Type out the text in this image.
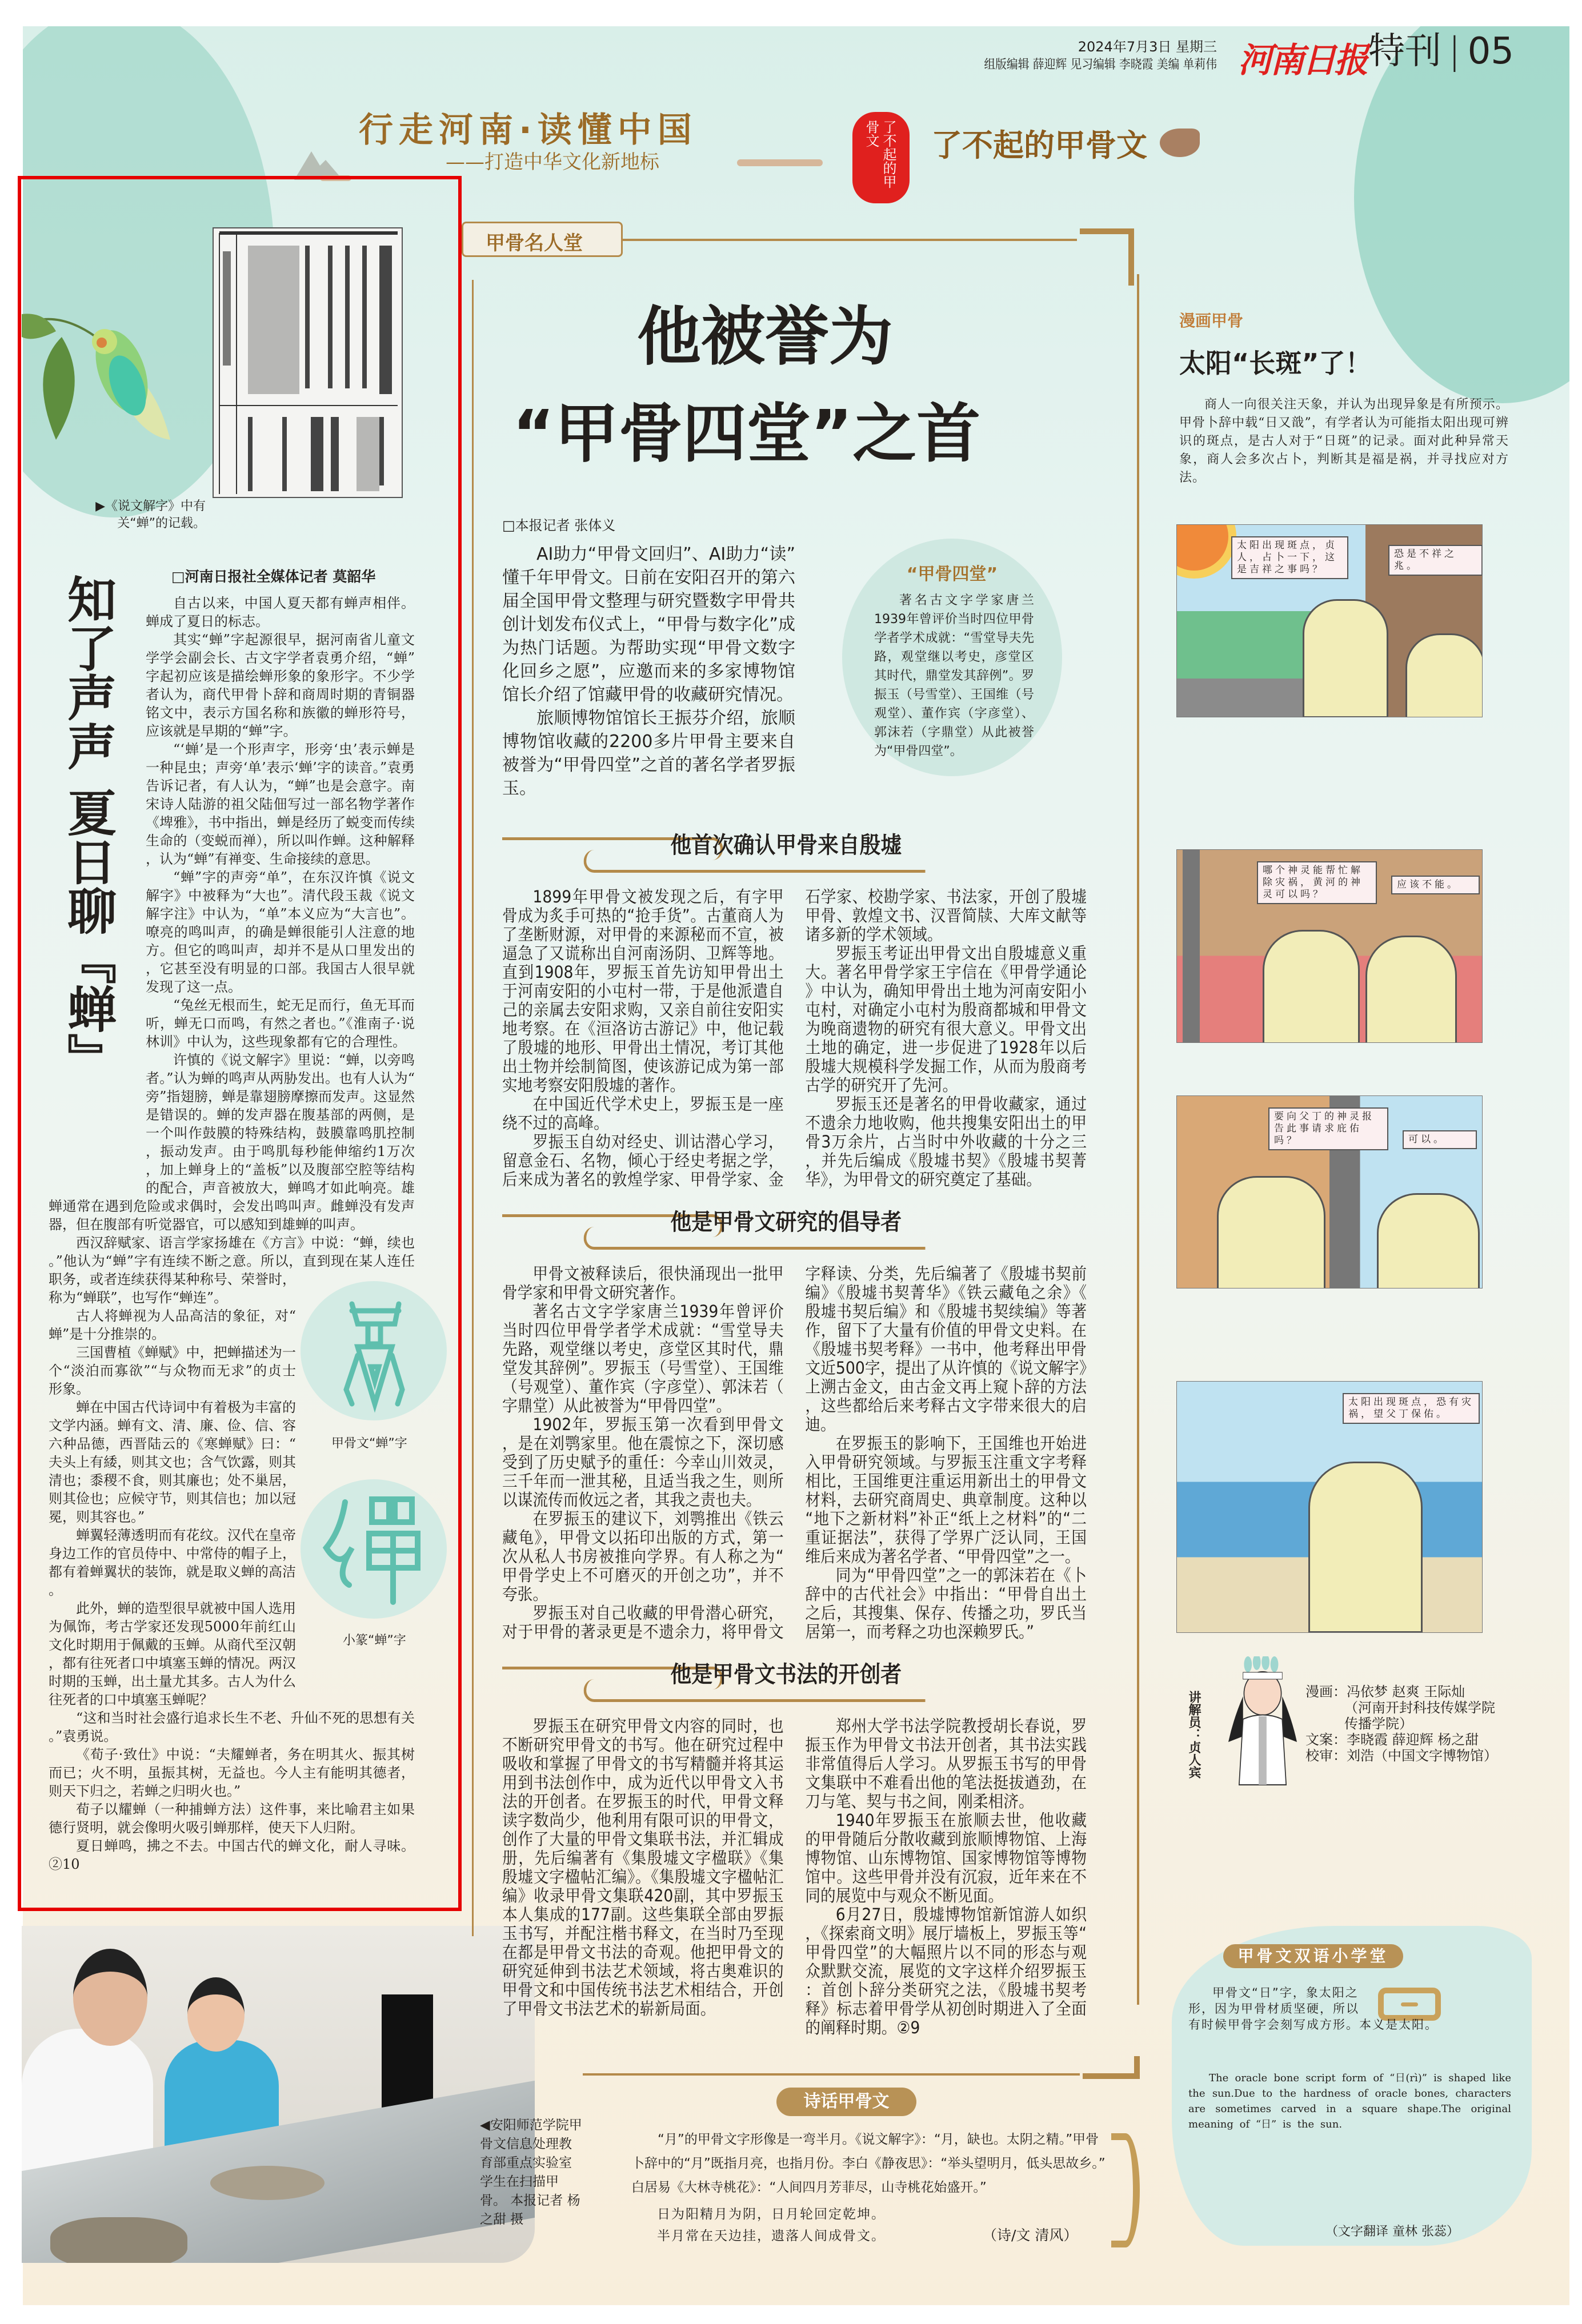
2024年7月3日 星期三
组版编辑 薛迎辉 见习编辑 李晓霞 美编 单莉伟 河南日报 特刊 | 05
行走河南·读懂中国
——打造中华文化新地标	了不起的甲骨文	了不起的甲骨文
▶《说文解字》中有关“蝉”的记载。
知了声声 夏日聊『蝉』	□河南日报社全媒体记者 莫韶华

自古以来，中国人夏天都有蝉声相伴。蝉成了夏日的标志。

其实“蝉”字起源很早，据河南省儿童文学学会副会长、古文字学者袁勇介绍，“蝉”字起初应该是描绘蝉形象的象形字。不少学者认为，商代甲骨卜辞和商周时期的青铜器铭文中，表示方国名称和族徽的蝉形符号，应该就是早期的“蝉”字。

“‘蝉’是一个形声字，形旁‘虫’表示蝉是一种昆虫；声旁‘单’表示‘蝉’字的读音。”袁勇告诉记者，有人认为，“蝉”也是会意字。南宋诗人陆游的祖父陆佃写过一部名物学著作《埤雅》，书中指出，蝉是经历了蜕变而传续生命的（变蜕而禅），所以叫作蝉。这种解释，认为“蝉”有禅变、生命接续的意思。

“蝉”字的声旁“单”，在东汉许慎《说文解字》中被释为“大也”。清代段玉裁《说文解字注》中认为，“单”本义应为“大言也”。嘹亮的鸣叫声，的确是蝉很能引人注意的地方。但它的鸣叫声，却并不是从口里发出的，它甚至没有明显的口部。我国古人很早就发现了这一点。

“兔丝无根而生，蛇无足而行，鱼无耳而听，蝉无口而鸣，有然之者也。”《淮南子·说林训》中认为，这些现象都有它的合理性。

许慎的《说文解字》里说：“蝉，以旁鸣者。”认为蝉的鸣声从两胁发出。也有人认为“旁”指翅膀，蝉是靠翅膀摩擦而发声。这显然是错误的。蝉的发声器在腹基部的两侧，是一个叫作鼓膜的特殊结构，鼓膜靠鸣肌控制，振动发声。由于鸣肌每秒能伸缩约1万次，加上蝉身上的“盖板”以及腹部空腔等结构的配合，声音被放大，蝉鸣才如此响亮。雄蝉通常在遇到危险或求偶时，会发出鸣叫声。雌蝉没有发声器，但在腹部有听觉器官，可以感知到雄蝉的叫声。

西汉辞赋家、语言学家扬雄在《方言》中说：“蝉，续也。”他认为“蝉”字有连续不断之意。所以，直到现在某人连任职务，或者连续获得某种称号、荣誉时，称为“蝉联”，也写作“蝉连”。

古人将蝉视为人品高洁的象征，对“蝉”是十分推崇的。

三国曹植《蝉赋》中，把蝉描述为一个“淡泊而寡欲”“与众物而无求”的贞士形象。

蝉在中国古代诗词中有着极为丰富的文学内涵。蝉有文、清、廉、俭、信、容六种品德，西晋陆云的《寒蝉赋》曰：“夫头上有緌，则其文也；含气饮露，则其清也；黍稷不食，则其廉也；处不巢居，则其俭也；应候守节，则其信也；加以冠冕，则其容也。”

蝉翼轻薄透明而有花纹。汉代在皇帝身边工作的官员侍中、中常侍的帽子上，都有着蝉翼状的装饰，就是取义蝉的高洁。

此外，蝉的造型很早就被中国人选用为佩饰，考古学家还发现5000年前红山文化时期用于佩戴的玉蝉。从商代至汉朝，都有往死者口中填塞玉蝉的情况。两汉时期的玉蝉，出土量尤其多。古人为什么往死者的口中填塞玉蝉呢？

“这和当时社会盛行追求长生不老、升仙不死的思想有关。”袁勇说。

《荀子·致仕》中说：“夫耀蝉者，务在明其火、振其树而已；火不明，虽振其树，无益也。今人主有能明其德者，则天下归之，若蝉之归明火也。”

荀子以耀蝉（一种捕蝉方法）这件事，来比喻君主如果德行贤明，就会像明火吸引蝉那样，使天下人归附。

夏日蝉鸣，拂之不去。中国古代的蝉文化，耐人寻味。②10

甲骨文“蝉”字
小篆“蝉”字
◀安阳师范学院甲骨文信息处理教育部重点实验室学生在扫描甲骨。 本报记者 杨之甜 摄
甲骨名人堂
他被誉为
“甲骨四堂”之首
□本报记者 张体义

AI助力“甲骨文回归”、AI助力“读”懂千年甲骨文。日前在安阳召开的第六届全国甲骨文整理与研究暨数字甲骨共创计划发布仪式上，“甲骨与数字化”成为热门话题。为帮助实现“甲骨文数字化回乡之愿”，应邀而来的多家博物馆馆长介绍了馆藏甲骨的收藏研究情况。

旅顺博物馆馆长王振芬介绍，旅顺博物馆收藏的2200多片甲骨主要来自被誉为“甲骨四堂”之首的著名学者罗振玉。

“甲骨四堂”
著名古文字学家唐兰1939年曾评价当时四位甲骨学者学术成就：“雪堂导夫先路，观堂继以考史，彦堂区其时代，鼎堂发其辞例”。罗振玉（号雪堂）、王国维（号观堂）、董作宾（字彦堂）、郭沫若（字鼎堂）从此被誉为“甲骨四堂”。
他首次确认甲骨来自殷墟

1899年甲骨文被发现之后，有字甲骨成为炙手可热的“抢手货”。古董商人为了垄断财源，对甲骨的来源秘而不宣，被逼急了又谎称出自河南汤阴、卫辉等地。直到1908年，罗振玉首先访知甲骨出土于河南安阳的小屯村一带，于是他派遣自己的亲属去安阳求购，又亲自前往安阳实地考察。在《洹洛访古游记》中，他记载了殷墟的地形、甲骨出土情况，考订其他出土物并绘制简图，使该游记成为第一部实地考察安阳殷墟的著作。

在中国近代学术史上，罗振玉是一座绕不过的高峰。

罗振玉自幼对经史、训诂潜心学习，留意金石、名物，倾心于经史考据之学，后来成为著名的敦煌学家、甲骨学家、金石学家、校勘学家、书法家，开创了殷墟甲骨、敦煌文书、汉晋简牍、大库文献等诸多新的学术领域。

罗振玉考证出甲骨文出自殷墟意义重大。著名甲骨学家王宇信在《甲骨学通论》中认为，确知甲骨出土地为河南安阳小屯村，对确定小屯村为殷商都城和甲骨文为晚商遗物的研究有很大意义。甲骨文出土地的确定，进一步促进了1928年以后殷墟大规模科学发掘工作，从而为殷商考古学的研究开了先河。

罗振玉还是著名的甲骨收藏家，通过不遗余力地收购，他共搜集安阳出土的甲骨3万余片，占当时中外收藏的十分之三，并先后编成《殷墟书契》《殷墟书契菁华》，为甲骨文的研究奠定了基础。

他是甲骨文研究的倡导者

甲骨文被释读后，很快涌现出一批甲骨学家和甲骨文研究著作。

著名古文字学家唐兰1939年曾评价当时四位甲骨学者学术成就：“雪堂导夫先路，观堂继以考史，彦堂区其时代，鼎堂发其辞例”。罗振玉（号雪堂）、王国维（号观堂）、董作宾（字彦堂）、郭沫若（字鼎堂）从此被誉为“甲骨四堂”。

1902年，罗振玉第一次看到甲骨文，是在刘鹗家里。他在震惊之下，深切感受到了历史赋予的重任：今幸山川效灵，三千年而一泄其秘，且适当我之生，则所以谋流传而攸远之者，其我之责也夫。

在罗振玉的建议下，刘鹗推出《铁云藏龟》，甲骨文以拓印出版的方式，第一次从私人书房被推向学界。有人称之为“甲骨学史上不可磨灭的开创之功”，并不夸张。

罗振玉对自己收藏的甲骨潜心研究，对于甲骨的著录更是不遗余力，将甲骨文字释读、分类，先后编著了《殷墟书契前编》《殷墟书契菁华》《铁云藏龟之余》《殷墟书契后编》和《殷墟书契续编》等著作，留下了大量有价值的甲骨文史料。在《殷墟书契考释》一书中，他考释出甲骨文近500字，提出了从许慎的《说文解字》上溯古金文，由古金文再上窥卜辞的方法，这些都给后来考释古文字带来很大的启迪。

在罗振玉的影响下，王国维也开始进入甲骨研究领域。与罗振玉注重文字考释相比，王国维更注重运用新出土的甲骨文材料，去研究商周史、典章制度。这种以“地下之新材料”补正“纸上之材料”的“二重证据法”，获得了学界广泛认同，王国维后来成为著名学者、“甲骨四堂”之一。

同为“甲骨四堂”之一的郭沫若在《卜辞中的古代社会》中指出：“甲骨自出土之后，其搜集、保存、传播之功，罗氏当居第一，而考释之功也深赖罗氏。”

他是甲骨文书法的开创者

罗振玉在研究甲骨文内容的同时，也不断研究甲骨文的书写。他在研究过程中吸收和掌握了甲骨文的书写精髓并将其运用到书法创作中，成为近代以甲骨文入书法的开创者。在罗振玉的时代，甲骨文释读字数尚少，他利用有限可识的甲骨文，创作了大量的甲骨文集联书法，并汇辑成册，先后编著有《集殷墟文字楹联》《集殷墟文字楹帖汇编》。《集殷墟文字楹帖汇编》收录甲骨文集联420副，其中罗振玉本人集成的177副。这些集联全部由罗振玉书写，并配注楷书释文，在当时乃至现在都是甲骨文书法的奇观。他把甲骨文的研究延伸到书法艺术领域，将古奥难识的甲骨文和中国传统书法艺术相结合，开创了甲骨文书法艺术的崭新局面。

郑州大学书法学院教授胡长春说，罗振玉作为甲骨文书法开创者，其书法实践非常值得后人学习。从罗振玉书写的甲骨文集联中不难看出他的笔法挺拔遒劲，在刀与笔、契与书之间，刚柔相济。

1940年罗振玉在旅顺去世，他收藏的甲骨随后分散收藏到旅顺博物馆、上海博物馆、山东博物馆、国家博物馆等博物馆中。这些甲骨并没有沉寂，近年来在不同的展览中与观众不断见面。

6月27日，殷墟博物馆新馆游人如织，《探索商文明》展厅墙板上，罗振玉等“甲骨四堂”的大幅照片以不同的形态与观众默默交流，展览的文字这样介绍罗振玉：首创卜辞分类研究之法，《殷墟书契考释》标志着甲骨学从初创时期进入了全面的阐释时期。②9

诗话甲骨文
“月”的甲骨文字形像是一弯半月。《说文解字》：“月，缺也。太阴之精。”甲骨卜辞中的“月”既指月亮，也指月份。李白《静夜思》：“举头望明月，低头思故乡。”白居易《大林寺桃花》：“人间四月芳菲尽，山寺桃花始盛开。”
日为阳精月为阴，日月轮回定乾坤。
半月常在天边挂，遗落人间成骨文。	（诗/文 清风）
漫画甲骨
太阳“长斑”了！
商人一向很关注天象，并认为出现异象是有所预示。甲骨卜辞中载“日又戠”，有学者认为可能指太阳出现可辨识的斑点，是古人对于“日斑”的记录。面对此种异常天象，商人会多次占卜，判断其是福是祸，并寻找应对方法。
太阳出现斑点，贞人，占卜一下，这是吉祥之事吗？
恐是不祥之兆。
哪个神灵能帮忙解除灾祸，黄河的神灵可以吗？
应该不能。
要向父丁的神灵报告此事请求庇佑吗？	可以。
太阳出现斑点，恐有灾祸，望父丁保佑。
讲解员：贞人宾	漫画：冯依梦 赵爽 王际灿
（河南开封科技传媒学院
传播学院）
文案：李晓霞 薛迎辉 杨之甜
校审：刘浩（中国文字博物馆）
甲骨文双语小学堂
甲骨文“日”字，象太阳之形，因为甲骨材质坚硬，所以有时候甲骨字会刻写成方形。本义是太阳。
The oracle bone script form of “日(rì)” is shaped like the sun.Due to the hardness of oracle bones, characters are sometimes carved in a square shape.The original meaning of “日” is the sun.
（文字翻译 童林 张蕊）
